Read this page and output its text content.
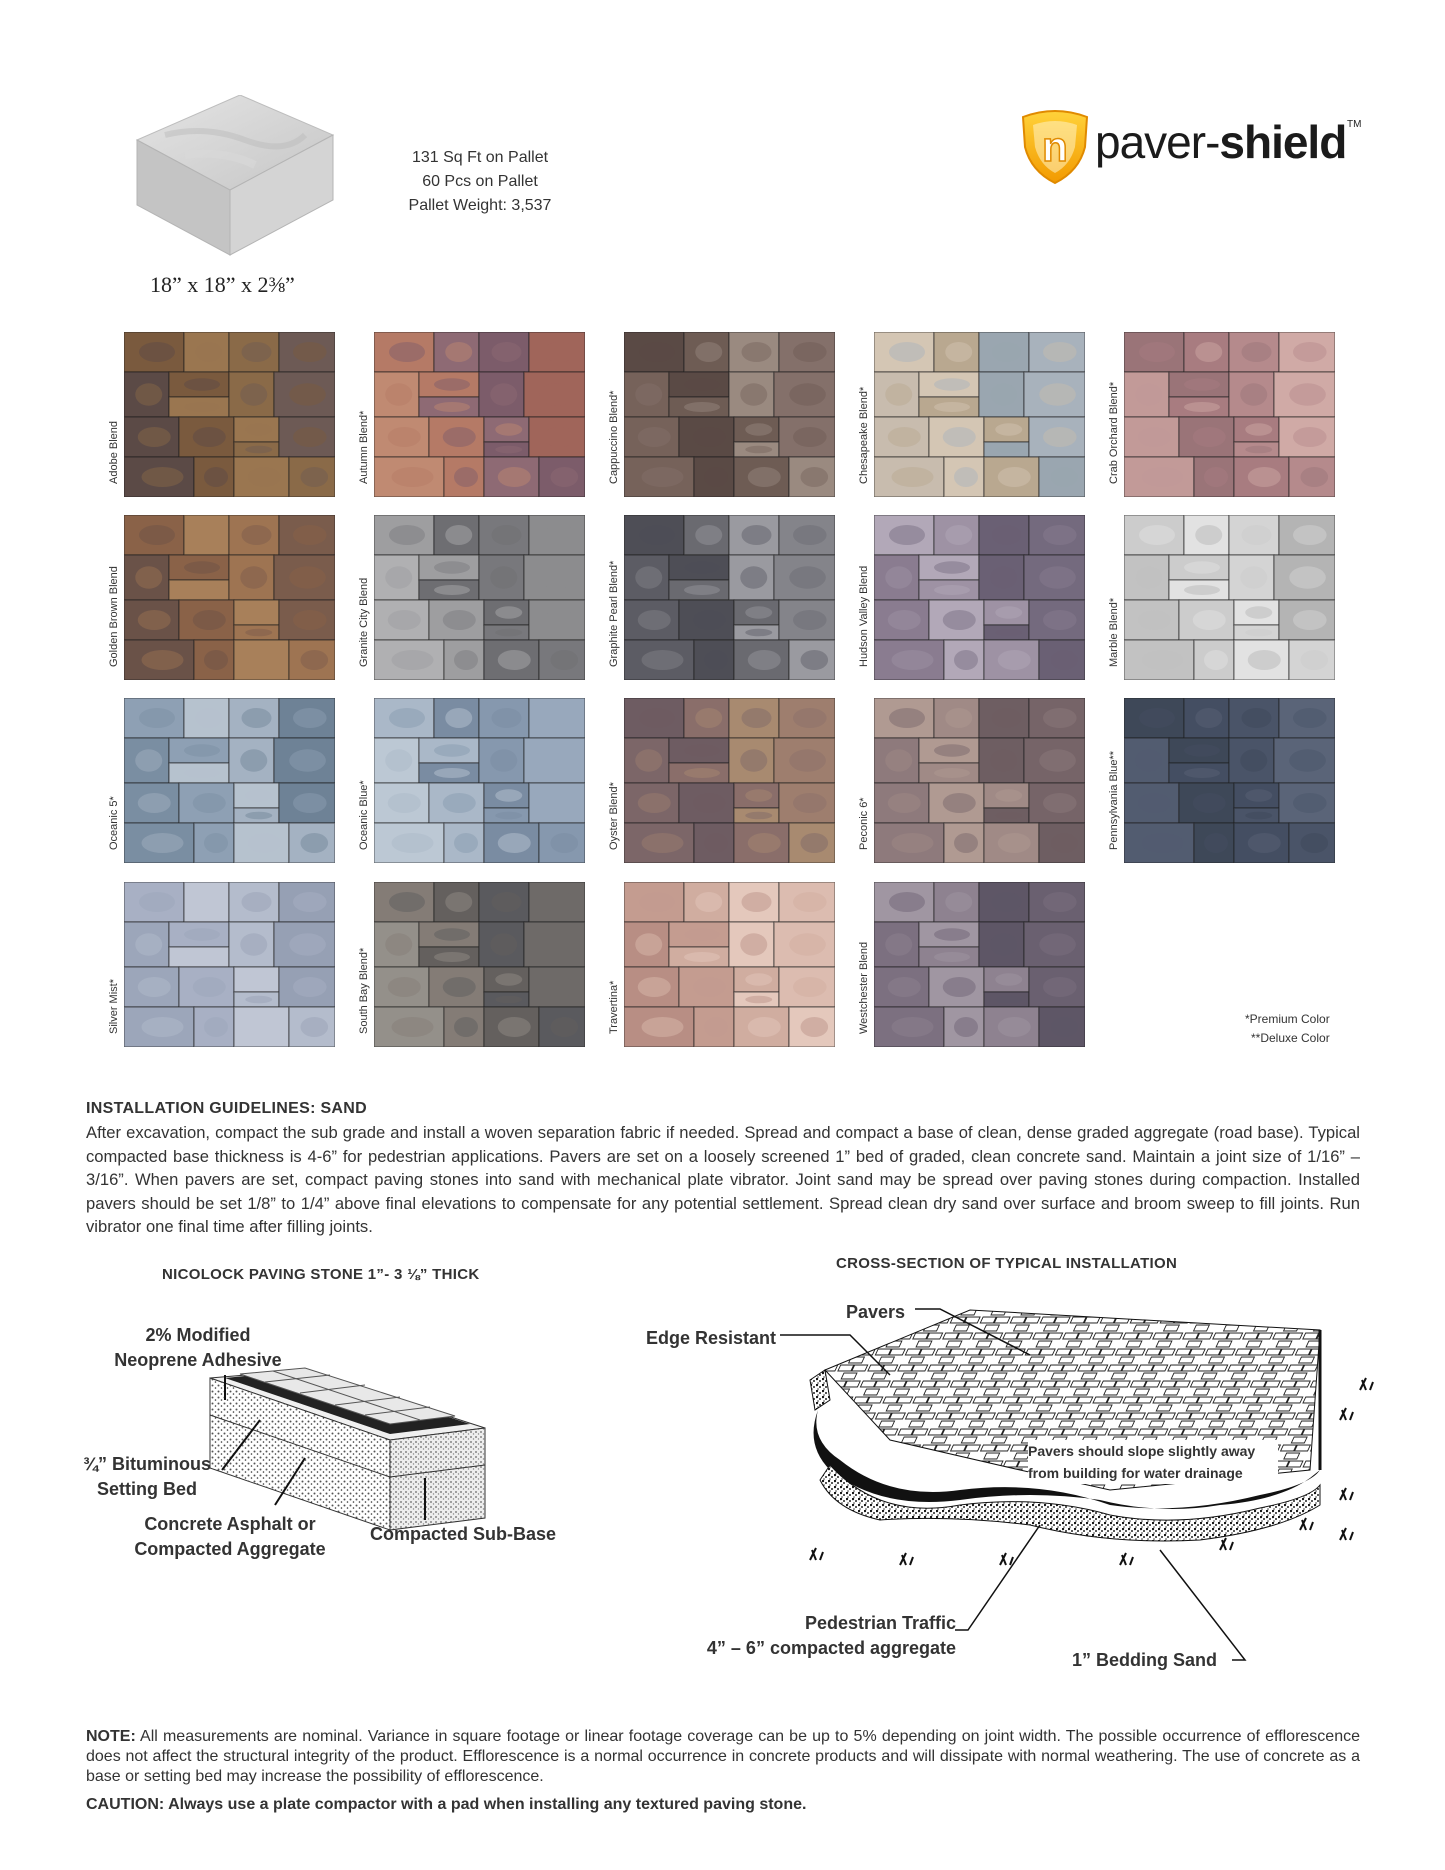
18” x 18” x 2⅜”
131 Sq Ft on Pallet
60 Pcs on Pallet
Pallet Weight: 3,537
n paver-shield TM
Adobe Blend	Autumn Blend*	Cappuccino Blend*	Chesapeake Blend*	Crab Orchard Blend*
Golden Brown Blend	Granite City Blend	Graphite Pearl Blend*	Hudson Valley Blend	Marble Blend*
Oceanic 5*	Oceanic Blue*	Oyster Blend*	Peconic 6*	Pennsylvania Blue**
Silver Mist*	South Bay Blend*	Travertina*	Westchester Blend	*Premium Color
**Deluxe Color
INSTALLATION GUIDELINES: SAND
After excavation, compact the sub grade and install a woven separation fabric if needed. Spread and compact a base of clean, dense graded aggregate (road base). Typical compacted base thickness is 4-6” for pedestrian applications. Pavers are set on a loosely screened 1” bed of graded, clean concrete sand. Maintain a joint size of 1/16” – 3/16”. When pavers are set, compact paving stones into sand with mechanical plate vibrator. Joint sand may be spread over paving stones during compaction. Installed pavers should be set 1/8” to 1/4” above final elevations to compensate for any potential settlement. Spread clean dry sand over surface and broom sweep to fill joints. Run vibrator one final time after filling joints.
NICOLOCK PAVING STONE 1”- 3 ⅛” THICK
2% Modified
Neoprene Adhesive
¾” Bituminous
Setting Bed
Concrete Asphalt or
Compacted Aggregate
Compacted Sub-Base
CROSS-SECTION OF TYPICAL INSTALLATION
Pavers
Edge Resistant
Pavers should slope slightly away
from building for water drainage
Pedestrian Traffic
4” – 6” compacted aggregate
1” Bedding Sand
NOTE: All measurements are nominal. Variance in square footage or linear footage coverage can be up to 5% depending on joint width. The possible occurrence of efflorescence does not affect the structural integrity of the product. Efflorescence is a normal occurrence in concrete products and will dissipate with normal weathering. The use of concrete as a base or setting bed may increase the possibility of efflorescence.
CAUTION: Always use a plate compactor with a pad when installing any textured paving stone.
